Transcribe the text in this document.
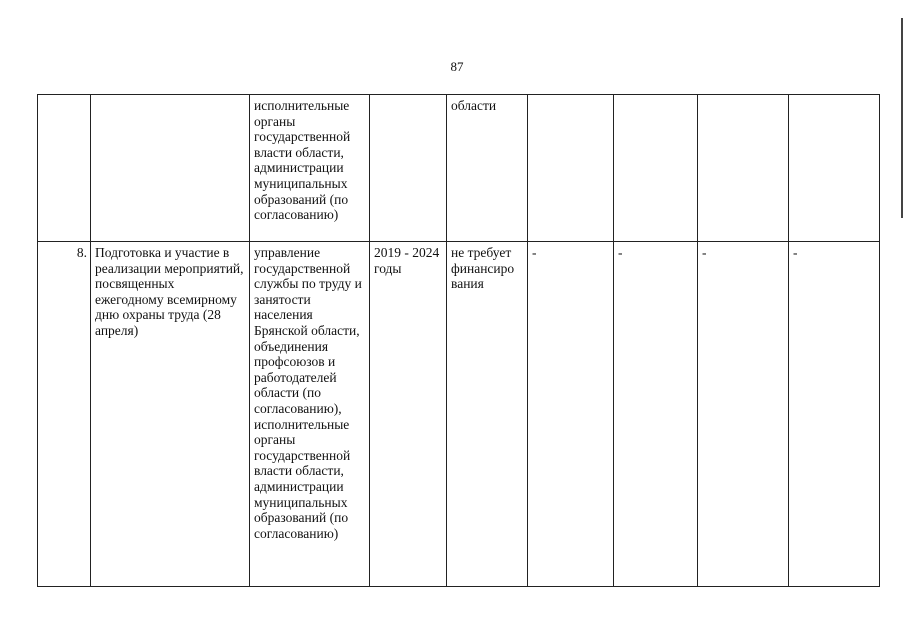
87
		исполнительные органы государственной власти области, администрации муниципальных образований (по согласованию)		области				
8.	Подготовка и участие в реализации мероприятий, посвященных ежегодному всемирному дню охраны труда (28 апреля)	управление государственной службы по труду и занятости населения Брянской области, объединения профсоюзов и работодателей области (по согласованию), исполнительные органы государственной власти области, администрации муниципальных образований (по согласованию)	2019 - 2024 годы	не требует финансиро вания	-	-	-	-
